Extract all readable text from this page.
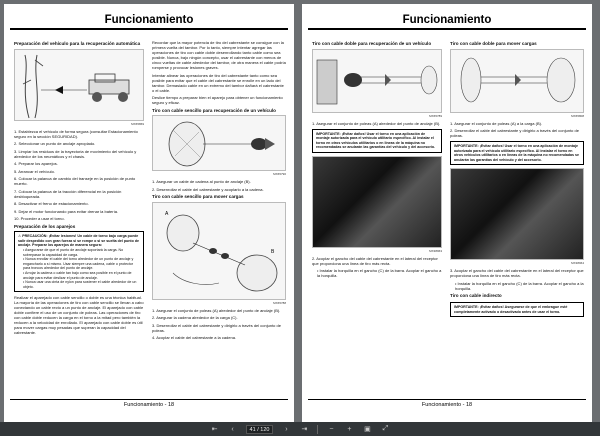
Funcionamiento
Preparación del vehículo para la recuperación automática
MX65869
1. Establezca el vehículo de forma segura (consultar Estacionamiento seguro en la sección SEGURIDAD).
2. Seleccionar un punto de anclaje apropiado.
3. Limpiar los residuos de la trayectoria de movimiento del vehículo y alrededor de los neumáticos y el chasis.
4. Preparar los aparejos.
5. Arrancar el vehículo.
6. Colocar la palanca de cambio del transeje en la posición de punto muerto.
7. Colocar la palanca de la tracción diferencial en la posición desbloqueada.
8. Desactivar el freno de estacionamiento.
9. Dejar el motor funcionando para evitar drenar la batería.
10. Proceder a usar el torno.
Preparación de los aparejos
⚠ PRECAUCIÓN: ¡Evitar lesiones! Un cable de torno bajo carga puede salir despedido con gran fuerza si se rompe o si se suelta del punto de anclaje. Preparar los aparejos de manera segura:
• Asegurarse de que el punto de anclaje soportará la carga. No sobrepasar la capacidad de carga.
• Nunca enrollar el cable del torno alrededor de un punto de anclaje y engancharlo a sí mismo. Usar siempre una cadena, cable o protector para troncos alrededor del punto de anclaje.
• Arrojar la cadena o cable tan bajo como sea posible en el punto de anclaje para evitar deslizar el punto de anclaje.
• Nunca usar una cinta de nylon para sostener el cable alrededor de un objeto.
Realizar el aparejado con cable sencillo o doble es una técnica habitual. La mayoría de las operaciones de tiro con cable sencillo se llevan a cabo conectando un cable recto a un punto de anclaje. El aparejado con cable doble confiere el uso de un conjunto de poleas. Las operaciones de tiro con cable doble reducen la carga en el torno a la mitad pero también la reducen a la velocidad de enrollado. El aparejado con cable doble es útil para mover cargas muy pesadas que superan la capacidad del cabrestante.
Recordar que la mayor potencia de tiro del cabrestante se consigue con la primera vuelta del tambor. Por lo tanto, siempre intentar agregar las operaciones de tiro con cable doble desenrollando tanto cable como sea posible. Nunca, bajo ningún concepto, usar el cabrestante con menos de cinco vueltas de cable alrededor del tambor, de otra manera el cable podría romperse y provocar lesiones graves.
Intentar alinear las operaciones de tiro del cabrestante tanto como sea posible para evitar que el cable del cabrestante se enrolle en un lado del tambor. Demasiado cable en un extremo del tambor dañará el cabrestante o el cable.
Deslice tiempo a preparar bien el aparejo para obtener un funcionamiento seguro y eficaz.
Tiro con cable sencillo para recuperación de un vehículo
MX65790
1. Asegurar un cable de cadena al punto de anclaje (B).
2. Desenrollar el cable del cabrestante y acoplarlo a la cadena.
Tiro con cable sencillo para mover cargas
A
B
MX65788
1. Asegurar el conjunto de poleas (A) alrededor del punto de anclaje (B).
2. Asegurar la cadena alrededor de la carga (C).
3. Desenrollar el cable del cabrestante y dirigirlo a través del conjunto de poleas.
4. Acoplar el cable del cabrestante a la cadena.
Funcionamiento - 18
Funcionamiento
Tiro con cable doble para recuperación de un vehículo
MX65789
1. Asegurar el conjunto de poleas (A) alrededor del punto de anclaje (B).
IMPORTANTE: ¡Evitar daños! Usar el torno en una aplicación de montaje autorizada para el vehículo utilitario específico. Al instalar el torno en otros vehículos utilitarios o en lineas de la máquina no recomendadas se anularán las garantías del vehículo y del accesorio.
MX38963
2. Acoplar el gancho del cable del cabrestante en el lateral del receptor que proporciona una línea de tiro más recta.
• Instalar la horquilla en el gancho (C) de la barra. Acoplar el gancho a la horquilla.
Tiro con cable doble para mover cargas
MX65808
1. Asegurar el conjunto de poleas (A) a la carga (B).
2. Desenrollar el cable del cabrestante y dirigirlo a través del conjunto de poleas.
IMPORTANTE: ¡Evitar daños! Usar el torno en una aplicación de montaje autorizada para el vehículo utilitario específico. Al instalar el torno en otros vehículos utilitarios o en líneas de la máquina no recomendadas se anularán las garantías del vehículo y del accesorio.
MX38964
3. Acoplar el gancho del cable del cabrestante en el lateral del receptor que proporciona una línea de tiro más recta.
• Instalar la horquilla en el gancho (C) de la barra. Acoplar el gancho a la horquilla.
Tiro con cable indirecto
IMPORTANTE: ¡Evitar daños! Asegurarse de que el embrague esté completamente activado o desactivado antes de usar el torno.
Funcionamiento - 18
⇤	‹	41 / 120	›	⇥	−	+	▣	⤢
